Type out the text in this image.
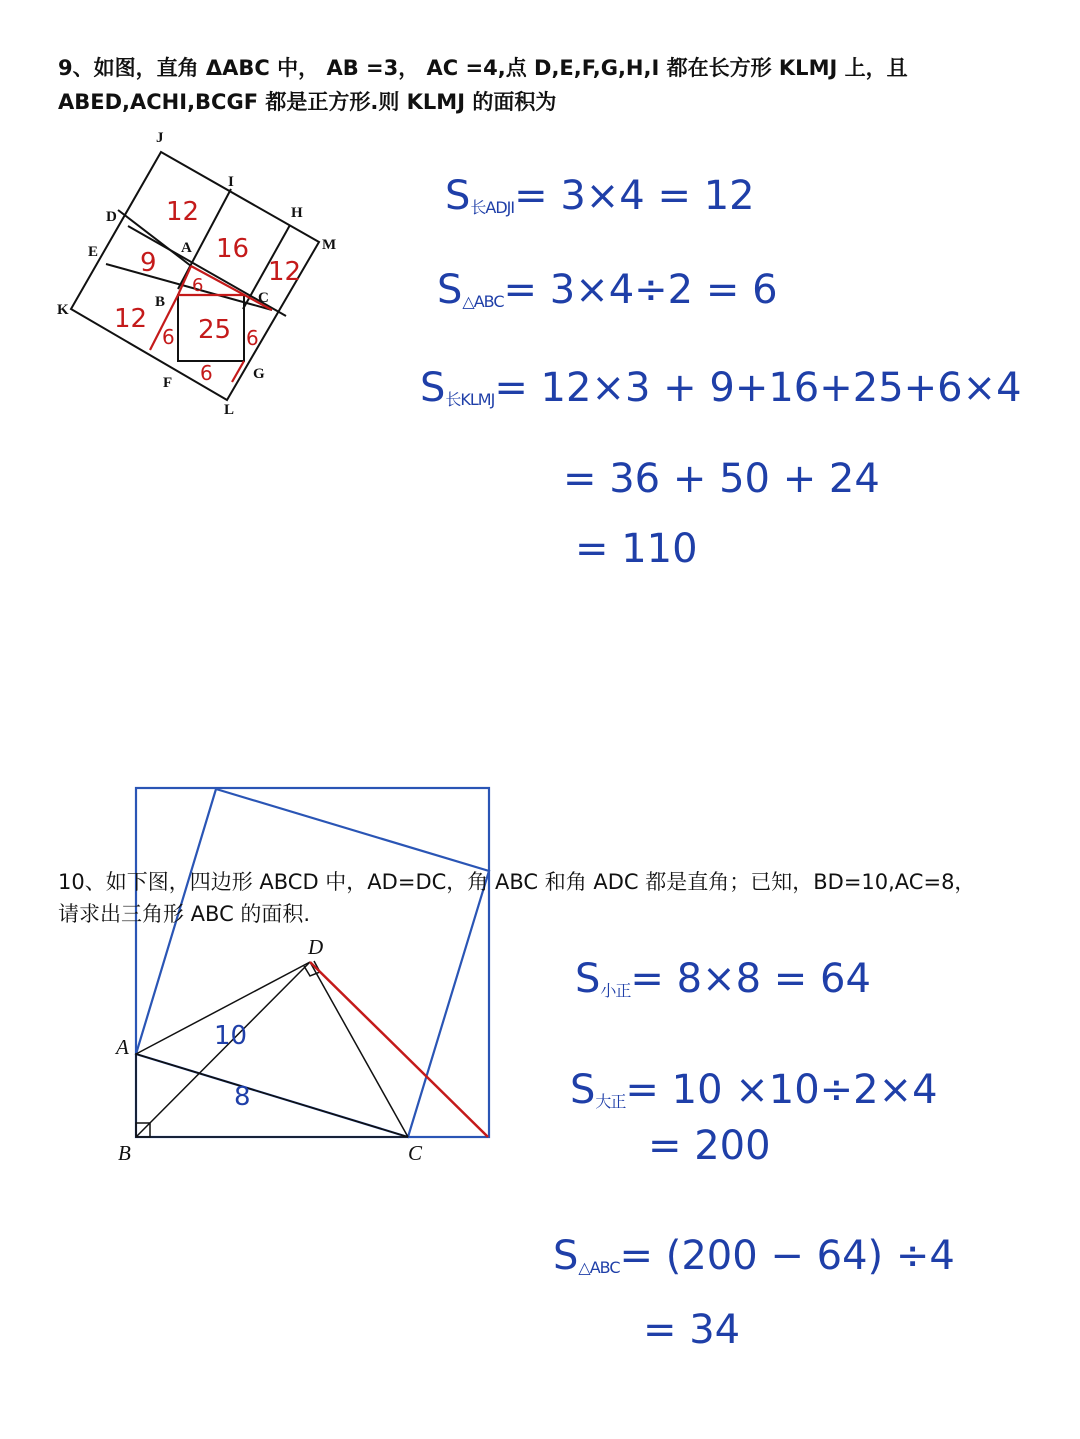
9、如图，直角 ΔABC 中， AB =3， AC =4,点 D,E,F,G,H,I 都在长方形 KLMJ 上，且
ABED,ACHI,BCGF 都是正方形.则 KLMJ 的面积为
J
I
D	H
E	A	M
K	B	C
F
G
L
12
16
9
6 12
12
6 25 6
6
$S_{长ADJI}= 3\times 4 = 12$
$S_{\triangle ABC}= 3\times 4\div 2 = 6$
$S_{长KLMJ}= 12\times 3 + 9+16+25+6\times 4$
= 36 + 50 + 24
= 110
A
B	C
D
10
8
10、如下图，四边形 ABCD 中，AD=DC，角 ABC 和角 ADC 都是直角；已知，BD=10,AC=8，
请求出三角形 ABC 的面积.
$S_{小正}= 8\times 8 = 64$
$S_{大正}= 10 \times 10\div 2\times 4$
= 200
$S_{\triangle ABC}= (200 - 64) \div 4$
= 34
